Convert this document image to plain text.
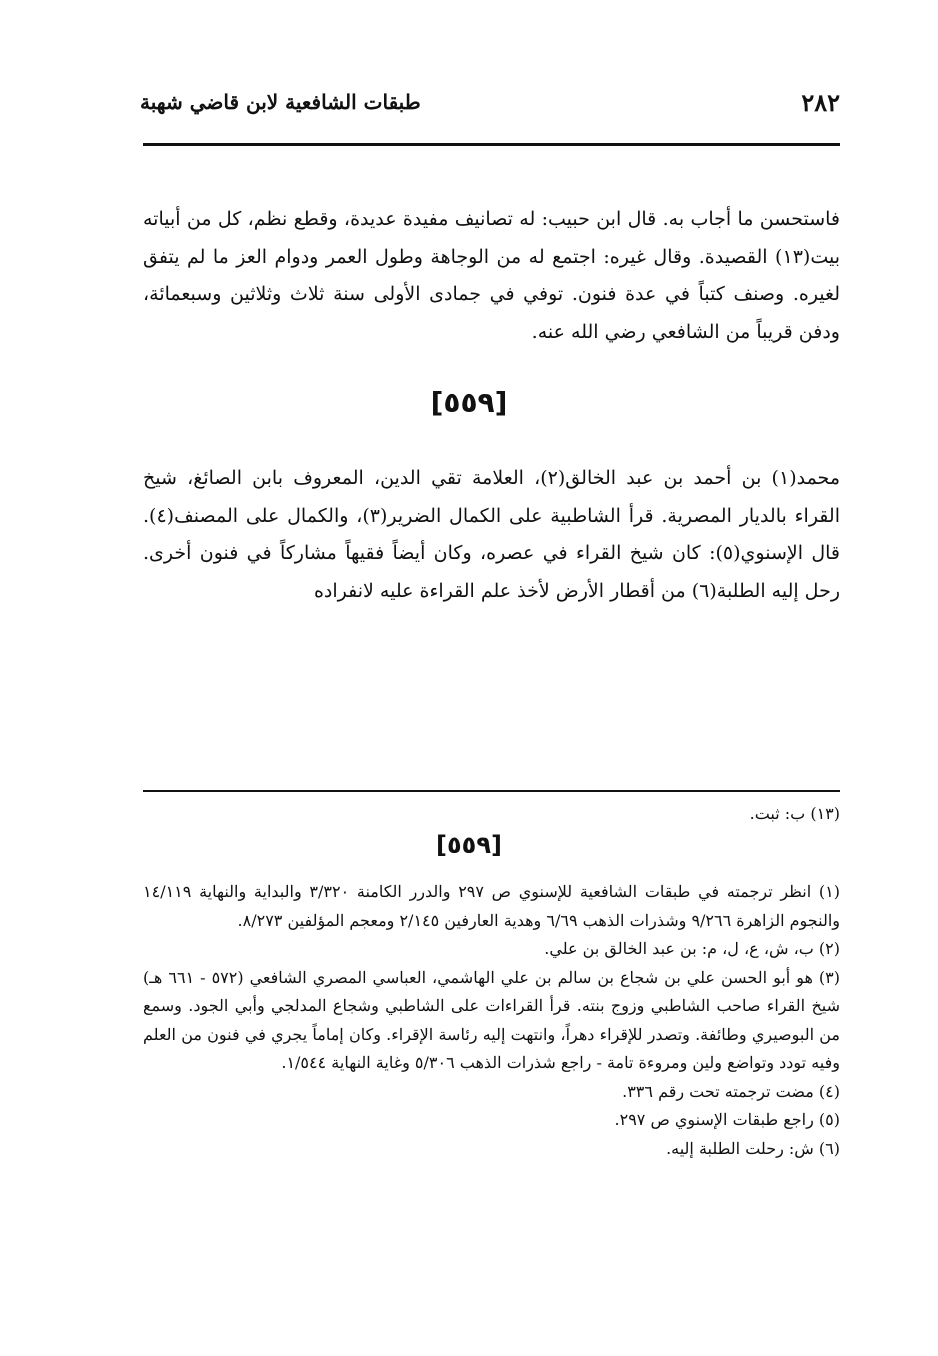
٢٨٢
طبقات الشافعية لابن قاضي شهبة

فاستحسن ما أجاب به. قال ابن حبيب: له تصانيف مفيدة عديدة، وقطع نظم، كل من أبياته بيت(١٣) القصيدة. وقال غيره: اجتمع له من الوجاهة وطول العمر ودوام العز ما لم يتفق لغيره. وصنف كتباً في عدة فنون. توفي في جمادى الأولى سنة ثلاث وثلاثين وسبعمائة، ودفن قريباً من الشافعي رضي الله عنه.

[٥٥٩]

محمد(١) بن أحمد بن عبد الخالق(٢)، العلامة تقي الدين، المعروف بابن الصائغ، شيخ القراء بالديار المصرية. قرأ الشاطبية على الكمال الضرير(٣)، والكمال على المصنف(٤). قال الإسنوي(٥): كان شيخ القراء في عصره، وكان أيضاً فقيهاً مشاركاً في فنون أخرى. رحل إليه الطلبة(٦) من أقطار الأرض لأخذ علم القراءة عليه لانفراده

(١٣) ب: ثبت.
[٥٥٩]

(١) انظر ترجمته في طبقات الشافعية للإسنوي ص ٢٩٧ والدرر الكامنة ٣/٣٢٠ والبداية والنهاية ١٤/١١٩ والنجوم الزاهرة ٩/٢٦٦ وشذرات الذهب ٦/٦٩ وهدية العارفين ٢/١٤٥ ومعجم المؤلفين ٨/٢٧٣.

(٢) ب، ش، ع، ل، م: بن عبد الخالق بن علي.

(٣) هو أبو الحسن علي بن شجاع بن سالم بن علي الهاشمي، العباسي المصري الشافعي (٥٧٢ - ٦٦١ هـ) شيخ القراء صاحب الشاطبي وزوج بنته. قرأ القراءات على الشاطبي وشجاع المدلجي وأبي الجود. وسمع من البوصيري وطائفة. وتصدر للإقراء دهراً، وانتهت إليه رئاسة الإقراء. وكان إماماً يجري في فنون من العلم وفيه تودد وتواضع ولين ومروءة تامة - راجع شذرات الذهب ٥/٣٠٦ وغاية النهاية ١/٥٤٤.

(٤) مضت ترجمته تحت رقم ٣٣٦.

(٥) راجع طبقات الإسنوي ص ٢٩٧.

(٦) ش: رحلت الطلبة إليه.
